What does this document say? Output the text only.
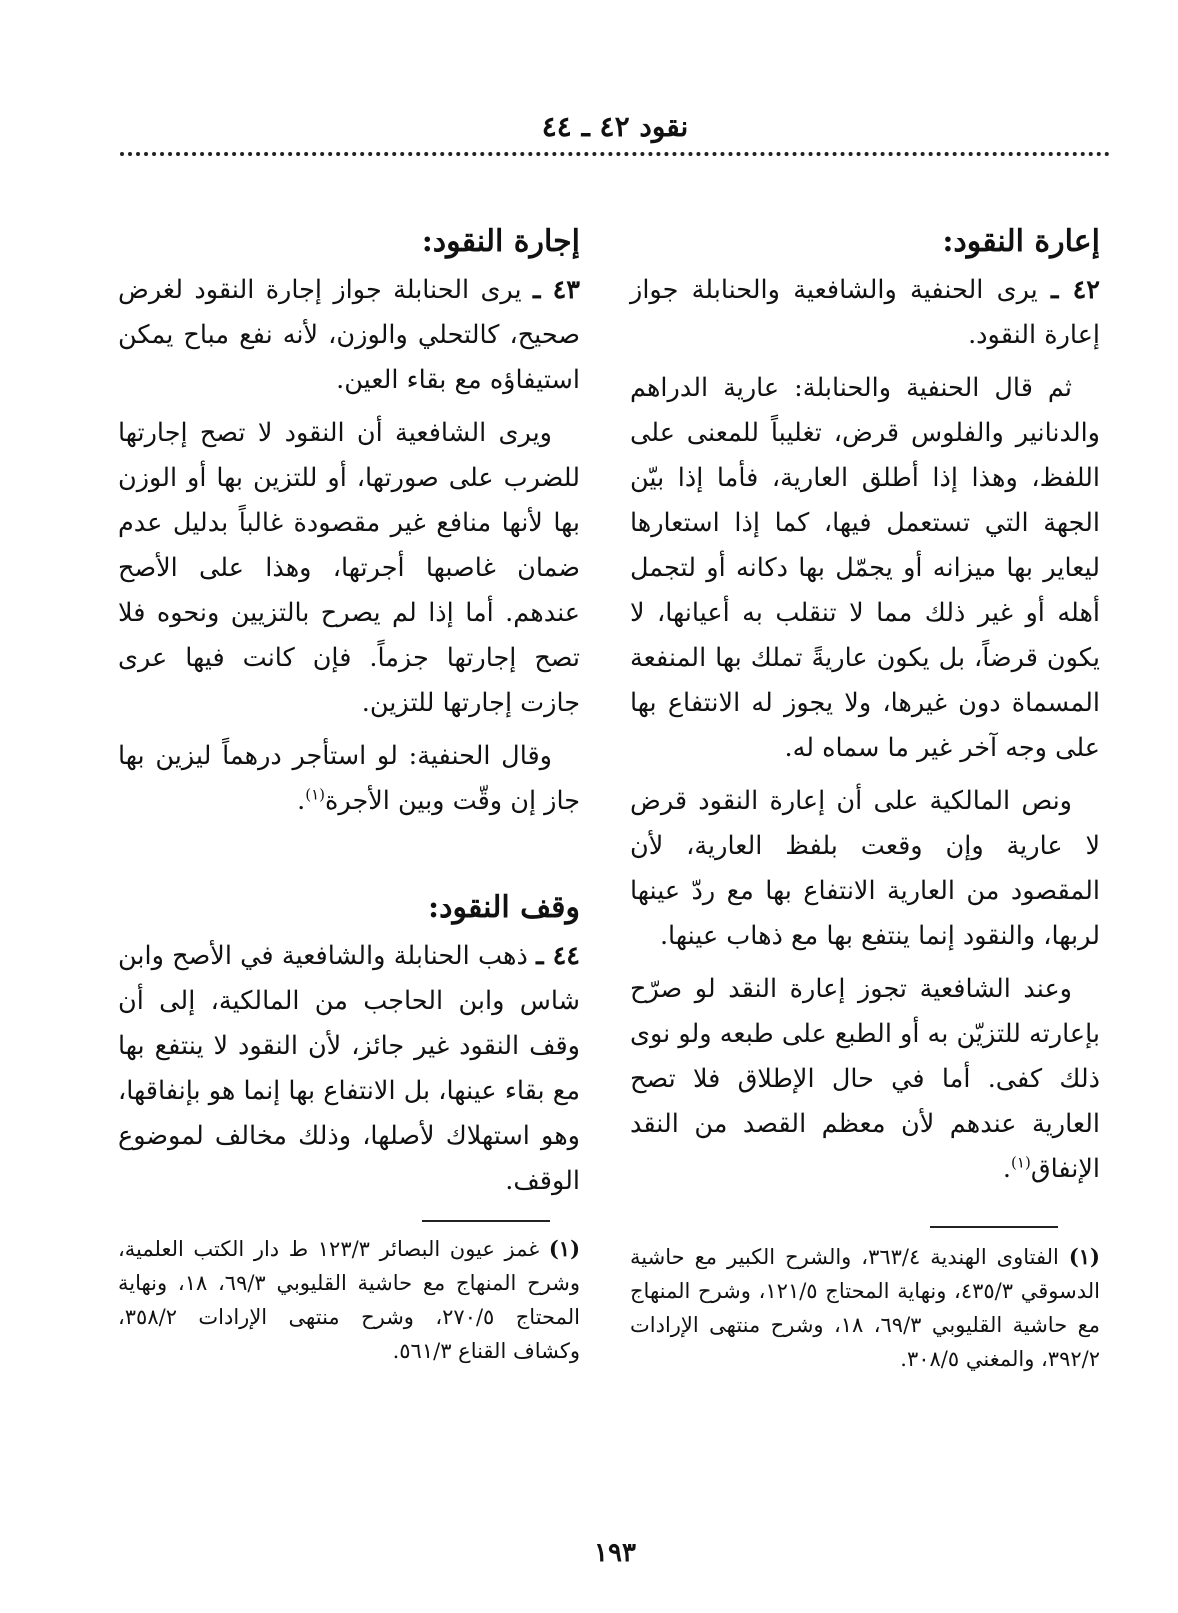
نقود ٤٢ ـ ٤٤
إعارة النقود:

٤٢ ـ يرى الحنفية والشافعية والحنابلة جواز إعارة النقود.

ثم قال الحنفية والحنابلة: عارية الدراهم والدنانير والفلوس قرض، تغليباً للمعنى على اللفظ، وهذا إذا أطلق العارية، فأما إذا بيّن الجهة التي تستعمل فيها، كما إذا استعارها ليعاير بها ميزانه أو يجمّل بها دكانه أو لتجمل أهله أو غير ذلك مما لا تنقلب به أعيانها، لا يكون قرضاً، بل يكون عاريةً تملك بها المنفعة المسماة دون غيرها، ولا يجوز له الانتفاع بها على وجه آخر غير ما سماه له.

ونص المالكية على أن إعارة النقود قرض لا عارية وإن وقعت بلفظ العارية، لأن المقصود من العارية الانتفاع بها مع ردّ عينها لربها، والنقود إنما ينتفع بها مع ذهاب عينها.

وعند الشافعية تجوز إعارة النقد لو صرّح بإعارته للتزيّن به أو الطبع على طبعه ولو نوى ذلك كفى. أما في حال الإطلاق فلا تصح العارية عندهم لأن معظم القصد من النقد الإنفاق$^{(١)}$.

إجارة النقود:

٤٣ ـ يرى الحنابلة جواز إجارة النقود لغرض صحيح، كالتحلي والوزن، لأنه نفع مباح يمكن استيفاؤه مع بقاء العين.

ويرى الشافعية أن النقود لا تصح إجارتها للضرب على صورتها، أو للتزين بها أو الوزن بها لأنها منافع غير مقصودة غالباً بدليل عدم ضمان غاصبها أجرتها، وهذا على الأصح عندهم. أما إذا لم يصرح بالتزيين ونحوه فلا تصح إجارتها جزماً. فإن كانت فيها عرى جازت إجارتها للتزين.

وقال الحنفية: لو استأجر درهماً ليزين بها جاز إن وقّت وبين الأجرة$^{(١)}$.

وقف النقود:

٤٤ ـ ذهب الحنابلة والشافعية في الأصح وابن شاس وابن الحاجب من المالكية، إلى أن وقف النقود غير جائز، لأن النقود لا ينتفع بها مع بقاء عينها، بل الانتفاع بها إنما هو بإنفاقها، وهو استهلاك لأصلها، وذلك مخالف لموضوع الوقف.

(١) الفتاوى الهندية ٣٦٣/٤، والشرح الكبير مع حاشية الدسوقي ٤٣٥/٣، ونهاية المحتاج ١٢١/٥، وشرح المنهاج مع حاشية القليوبي ٦٩/٣، ١٨، وشرح منتهى الإرادات ٣٩٢/٢، والمغني ٣٠٨/٥.
(١) غمز عيون البصائر ١٢٣/٣ ط دار الكتب العلمية، وشرح المنهاج مع حاشية القليوبي ٦٩/٣، ١٨، ونهاية المحتاج ٢٧٠/٥، وشرح منتهى الإرادات ٣٥٨/٢، وكشاف القناع ٥٦١/٣.
١٩٣
